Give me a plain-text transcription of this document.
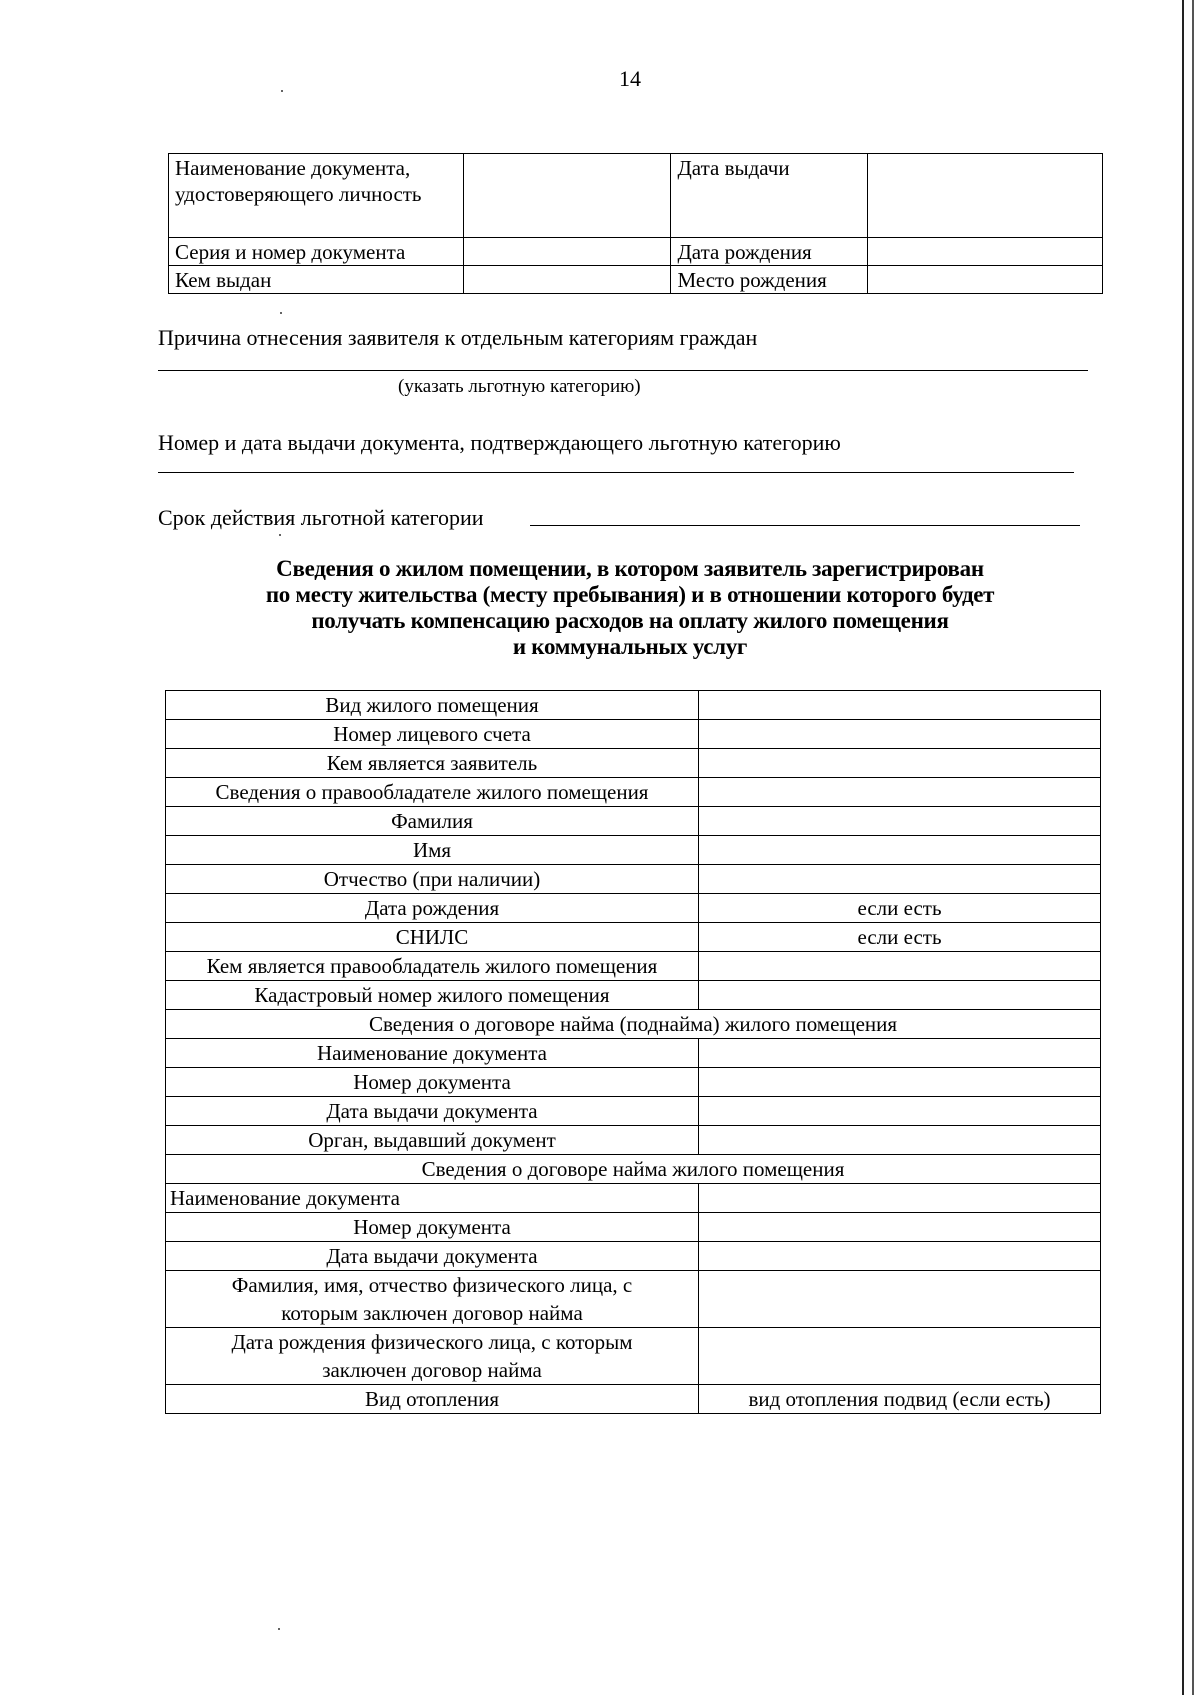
14
Наименование документа, удостоверяющего личность		Дата выдачи	
Серия и номер документа		Дата рождения	
Кем выдан		Место рождения	
Причина отнесения заявителя к отдельным категориям граждан
(указать льготную категорию)
Номер и дата выдачи документа, подтверждающего льготную категорию
Срок действия льготной категории
Сведения о жилом помещении, в котором заявитель зарегистрирован
по месту жительства (месту пребывания) и в отношении которого будет
получать компенсацию расходов на оплату жилого помещения
и коммунальных услуг
Вид жилого помещения	
Номер лицевого счета	
Кем является заявитель	
Сведения о правообладателе жилого помещения	
Фамилия	
Имя	
Отчество (при наличии)	
Дата рождения	если есть
СНИЛС	если есть
Кем является правообладатель жилого помещения	
Кадастровый номер жилого помещения	
Сведения о договоре найма (поднайма) жилого помещения	
Наименование документа	
Номер документа	
Дата выдачи документа	
Орган, выдавший документ	
Сведения о договоре найма жилого помещения	
Наименование документа	
Номер документа	
Дата выдачи документа	
Фамилия, имя, отчество физического лица, с которым заключен договор найма	
Дата рождения физического лица, с которым заключен договор найма	
Вид отопления	вид отопления подвид (если есть)
